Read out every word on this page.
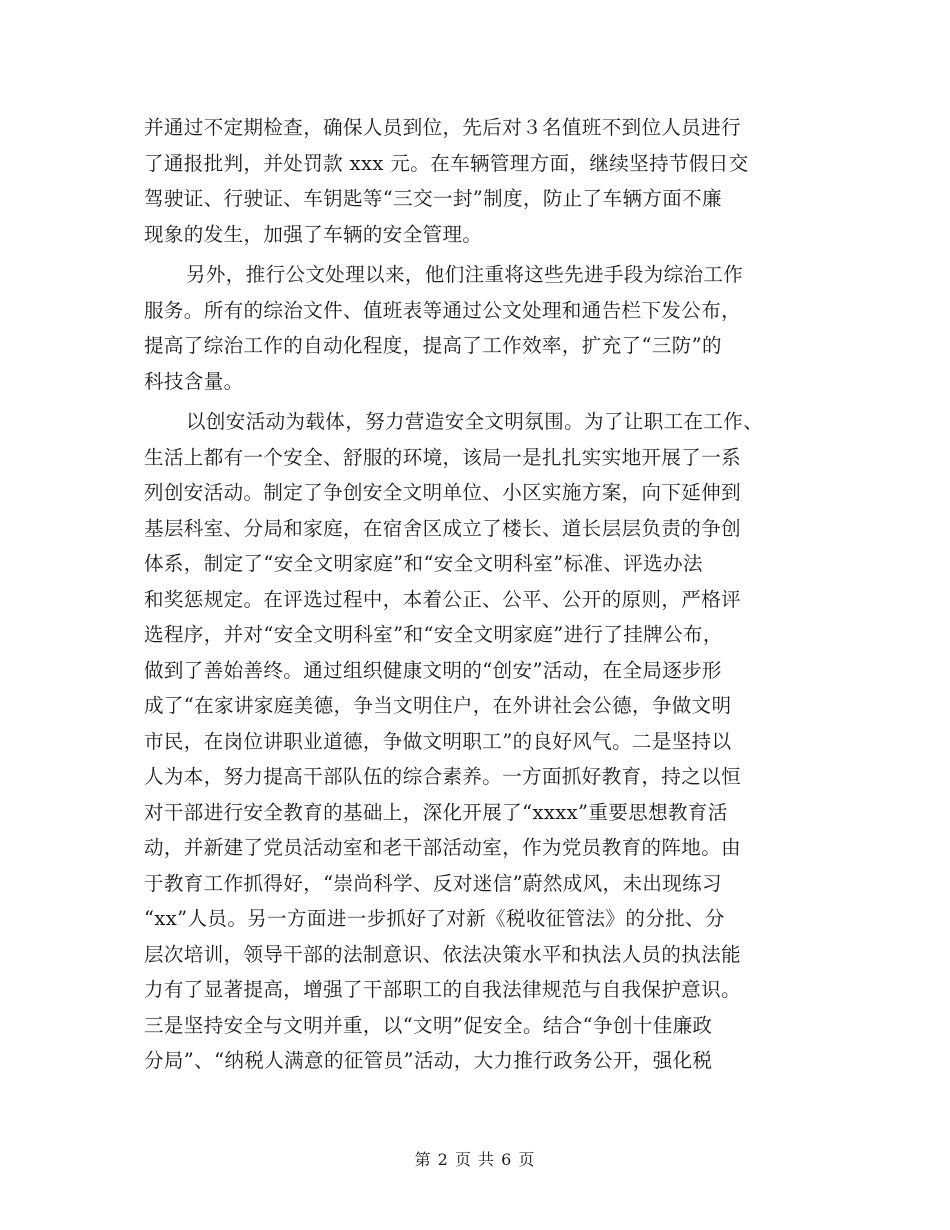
并通过不定期检查，确保人员到位，先后对３名值班不到位人员进行
了通报批判，并处罚款 xxx 元。在车辆管理方面，继续坚持节假日交
驾驶证、行驶证、车钥匙等“三交一封”制度，防止了车辆方面不廉
现象的发生，加强了车辆的安全管理。
另外，推行公文处理以来，他们注重将这些先进手段为综治工作
服务。所有的综治文件、值班表等通过公文处理和通告栏下发公布，
提高了综治工作的自动化程度，提高了工作效率，扩充了“三防”的
科技含量。
以创安活动为载体，努力营造安全文明氛围。为了让职工在工作、
生活上都有一个安全、舒服的环境，该局一是扎扎实实地开展了一系
列创安活动。制定了争创安全文明单位、小区实施方案，向下延伸到
基层科室、分局和家庭，在宿舍区成立了楼长、道长层层负责的争创
体系，制定了“安全文明家庭”和“安全文明科室”标准、评选办法
和奖惩规定。在评选过程中，本着公正、公平、公开的原则，严格评
选程序，并对“安全文明科室”和“安全文明家庭”进行了挂牌公布，
做到了善始善终。通过组织健康文明的“创安”活动，在全局逐步形
成了“在家讲家庭美德，争当文明住户，在外讲社会公德，争做文明
市民，在岗位讲职业道德，争做文明职工”的良好风气。二是坚持以
人为本，努力提高干部队伍的综合素养。一方面抓好教育，持之以恒
对干部进行安全教育的基础上，深化开展了“xxxx”重要思想教育活
动，并新建了党员活动室和老干部活动室，作为党员教育的阵地。由
于教育工作抓得好，“崇尚科学、反对迷信”蔚然成风，未出现练习
“xx”人员。另一方面进一步抓好了对新《税收征管法》的分批、分
层次培训，领导干部的法制意识、依法决策水平和执法人员的执法能
力有了显著提高，增强了干部职工的自我法律规范与自我保护意识。
三是坚持安全与文明并重，以“文明”促安全。结合“争创十佳廉政
分局”、“纳税人满意的征管员”活动，大力推行政务公开，强化税
第 2 页 共 6 页
